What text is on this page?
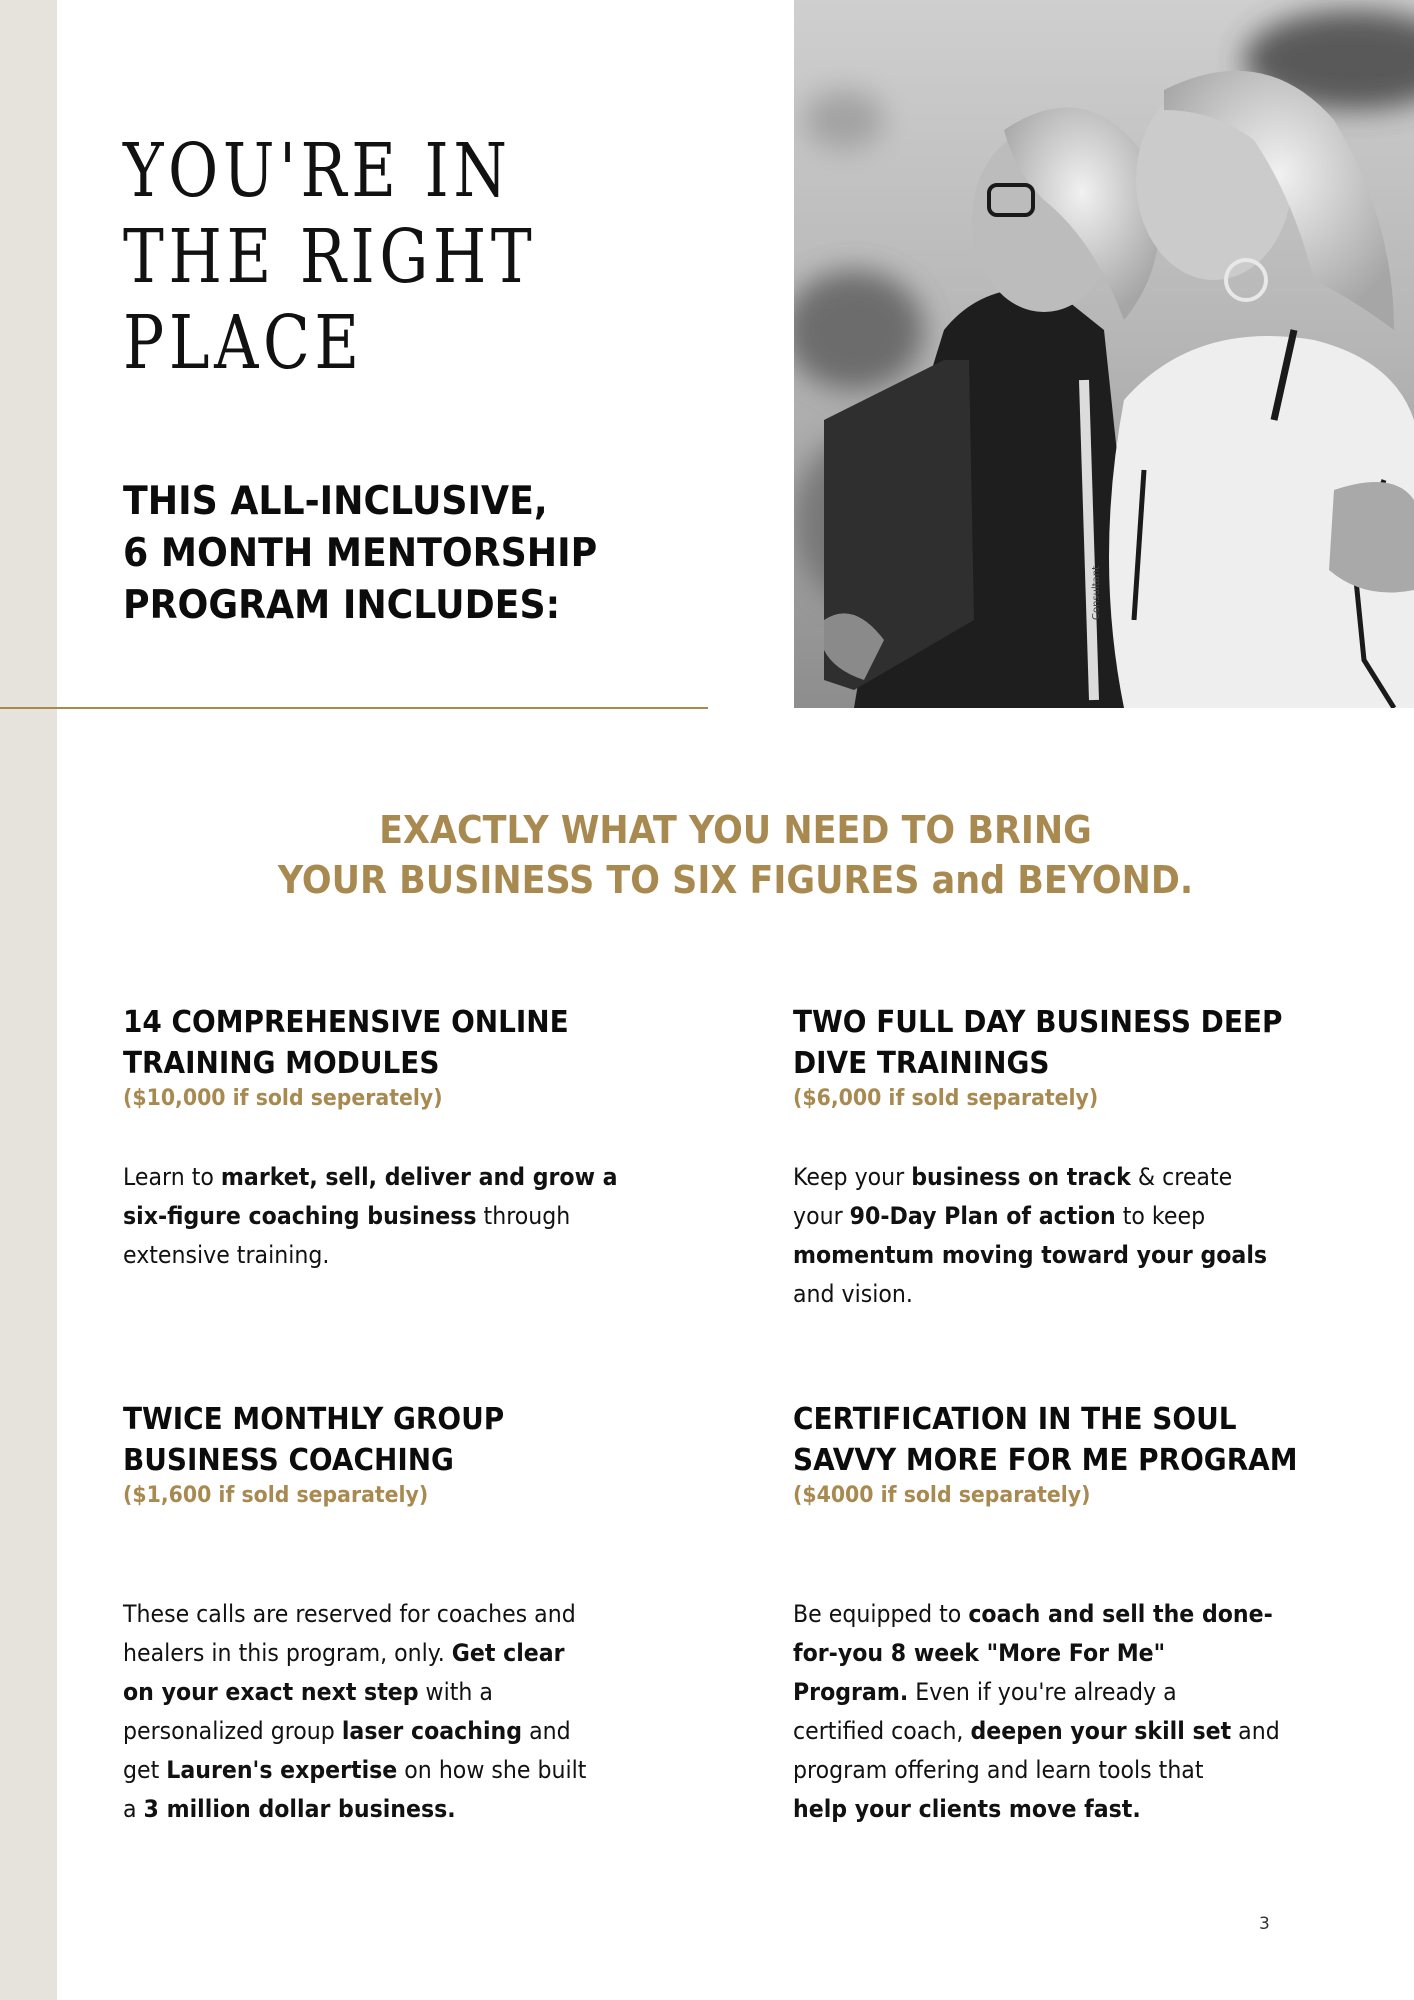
YOU'RE IN
THE RIGHT
PLACE
THIS ALL-INCLUSIVE,
6 MONTH MENTORSHIP
PROGRAM INCLUDES:	Consultant
EXACTLY WHAT YOU NEED TO BRING
YOUR BUSINESS TO SIX FIGURES and BEYOND.
14 COMPREHENSIVE ONLINE
TRAINING MODULES
($10,000 if sold seperately)
Learn to market, sell, deliver and grow a
six-figure coaching business through
extensive training.
TWO FULL DAY BUSINESS DEEP
DIVE TRAININGS
($6,000 if sold separately)
Keep your business on track & create
your 90-Day Plan of action to keep
momentum moving toward your goals
and vision.
TWICE MONTHLY GROUP
BUSINESS COACHING
($1,600 if sold separately)
These calls are reserved for coaches and
healers in this program, only. Get clear
on your exact next step with a
personalized group laser coaching and
get Lauren's expertise on how she built
a 3 million dollar business.
CERTIFICATION IN THE SOUL
SAVVY MORE FOR ME PROGRAM
($4000 if sold separately)
Be equipped to coach and sell the done-
for-you 8 week "More For Me"
Program. Even if you're already a
certified coach, deepen your skill set and
program offering and learn tools that
help your clients move fast.
3
